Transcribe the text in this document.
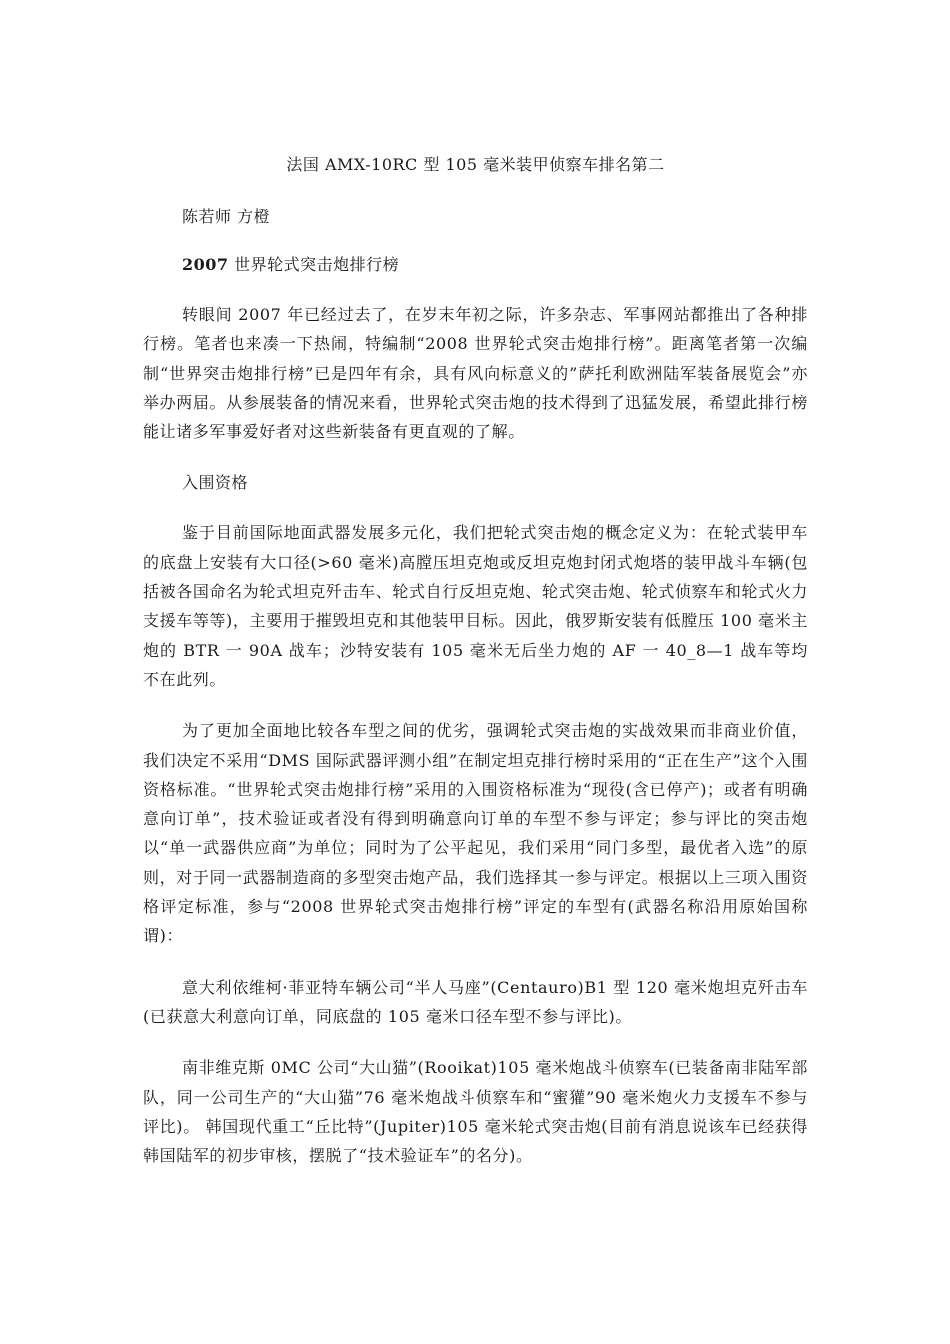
法国 AMX-10RC 型 105 毫米装甲侦察车排名第二
陈若师 方橙
2007 世界轮式突击炮排行榜

转眼间 2007 年已经过去了，在岁末年初之际，许多杂志、军事网站都推出了各种排行榜。笔者也来凑一下热闹，特编制“2008 世界轮式突击炮排行榜”。距离笔者第一次编制“世界突击炮排行榜”已是四年有余，具有风向标意义的”萨托利欧洲陆军装备展览会”亦举办两届。从参展装备的情况来看，世界轮式突击炮的技术得到了迅猛发展，希望此排行榜能让诸多军事爱好者对这些新装备有更直观的了解。

入围资格

鉴于目前国际地面武器发展多元化，我们把轮式突击炮的概念定义为：在轮式装甲车的底盘上安装有大口径(>60 毫米)高膛压坦克炮或反坦克炮封闭式炮塔的装甲战斗车辆(包括被各国命名为轮式坦克歼击车、轮式自行反坦克炮、轮式突击炮、轮式侦察车和轮式火力支援车等等)，主要用于摧毁坦克和其他装甲目标。因此，俄罗斯安装有低膛压 100 毫米主炮的 BTR 一 90A 战车；沙特安装有 105 毫米无后坐力炮的 AF 一 40_8—1 战车等均不在此列。

为了更加全面地比较各车型之间的优劣，强调轮式突击炮的实战效果而非商业价值，我们决定不采用“DMS 国际武器评测小组”在制定坦克排行榜时采用的“正在生产”这个入围资格标准。“世界轮式突击炮排行榜”采用的入围资格标准为“现役(含已停产)；或者有明确意向订单”，技术验证或者没有得到明确意向订单的车型不参与评定；参与评比的突击炮以“单一武器供应商”为单位；同时为了公平起见，我们采用“同门多型，最优者入选”的原则，对于同一武器制造商的多型突击炮产品，我们选择其一参与评定。根据以上三项入围资格评定标准，参与“2008 世界轮式突击炮排行榜”评定的车型有(武器名称沿用原始国称谓)：

意大利依维柯·菲亚特车辆公司“半人马座”(Centauro)B1 型 120 毫米炮坦克歼击车(已获意大利意向订单，同底盘的 105 毫米口径车型不参与评比)。

南非维克斯 0MC 公司“大山猫”(Rooikat)105 毫米炮战斗侦察车(已装备南非陆军部队，同一公司生产的“大山猫”76 毫米炮战斗侦察车和“蜜獾”90 毫米炮火力支援车不参与评比)。 韩国现代重工“丘比特”(Jupiter)105 毫米轮式突击炮(目前有消息说该车已经获得韩国陆军的初步审核，摆脱了“技术验证车”的名分)。
